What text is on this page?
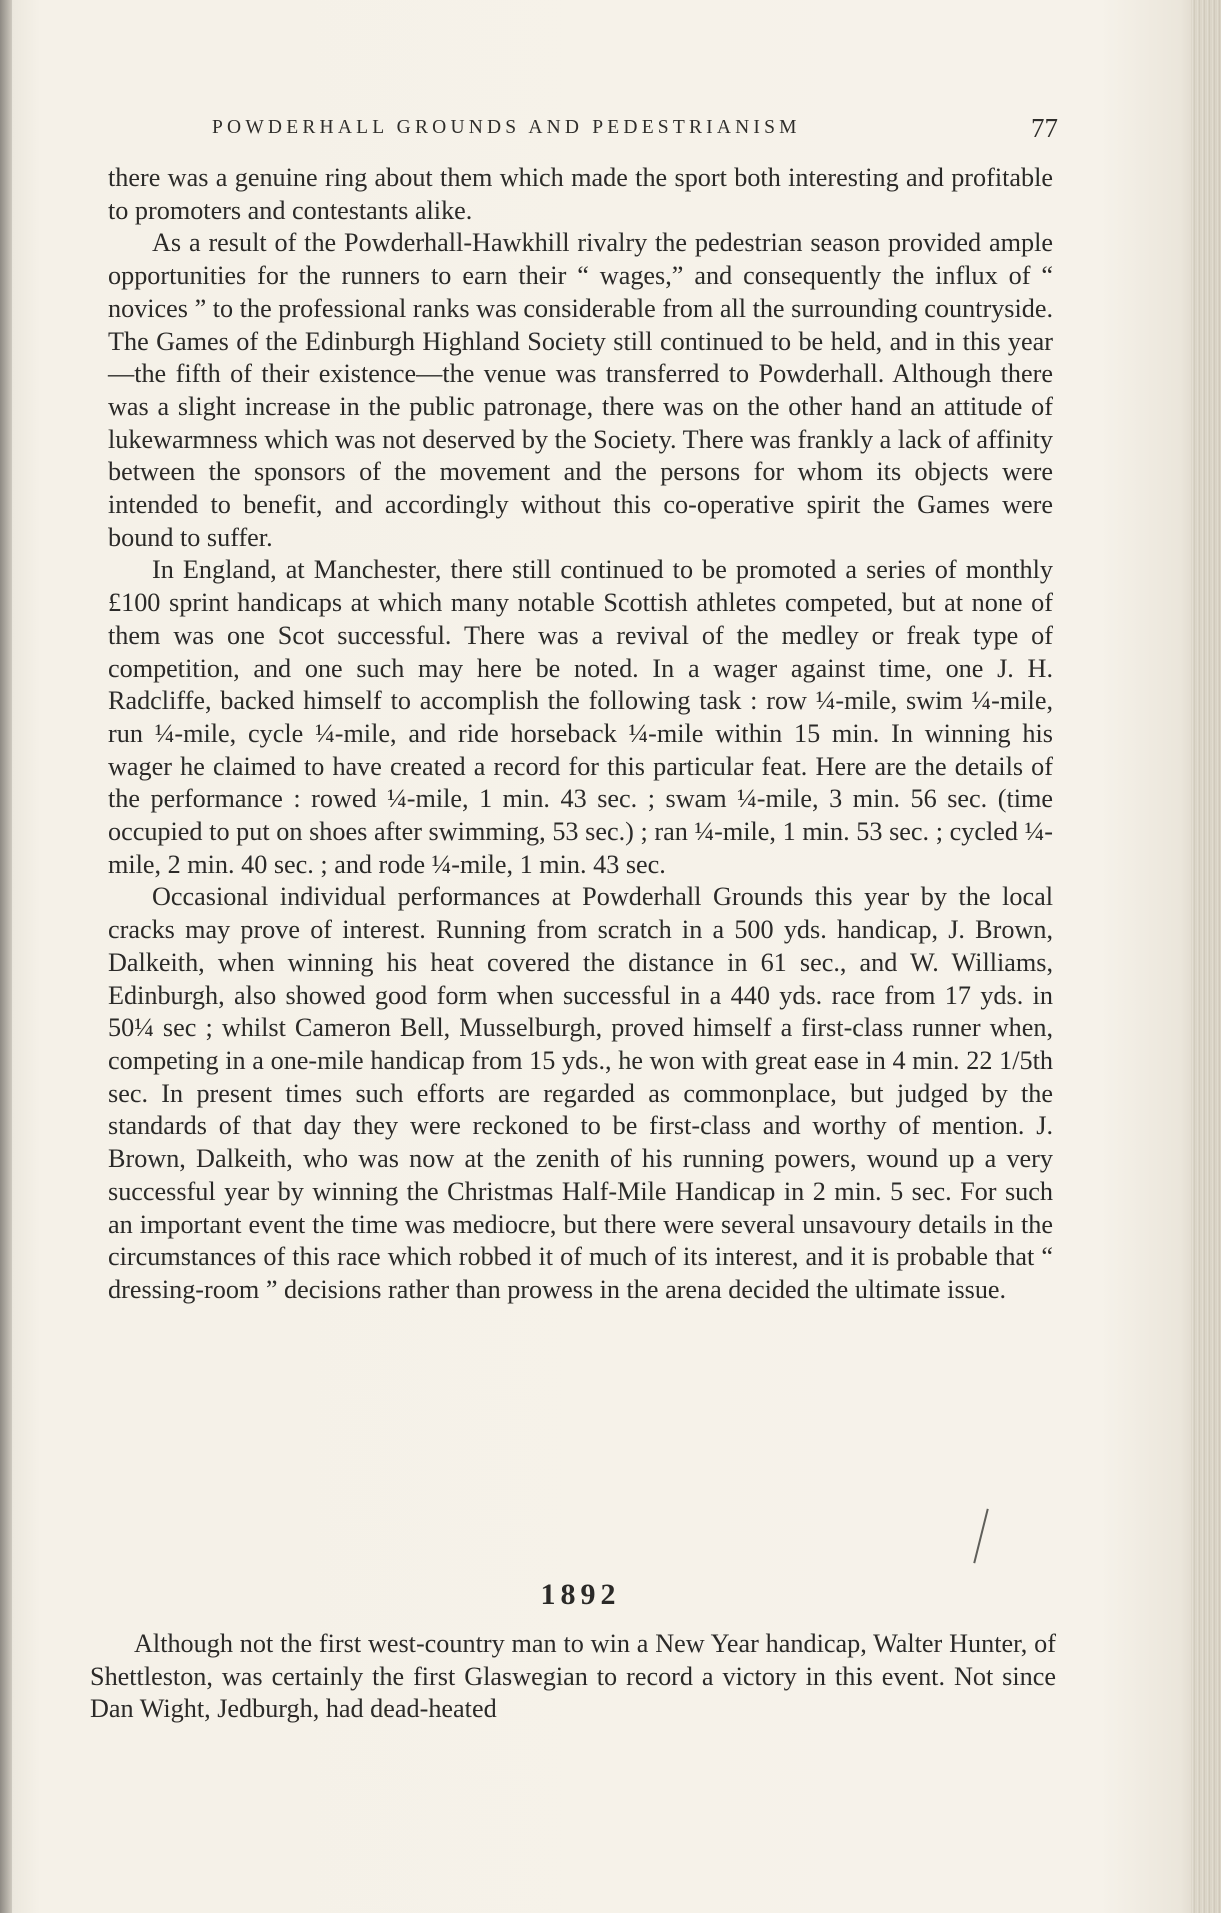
POWDERHALL GROUNDS AND PEDESTRIANISM	77

there was a genuine ring about them which made the sport both interesting and profitable to promoters and contestants alike.

As a result of the Powderhall-Hawkhill rivalry the pedestrian season provided ample opportunities for the runners to earn their “ wages,” and consequently the influx of “ novices ” to the professional ranks was considerable from all the surrounding countryside. The Games of the Edinburgh Highland Society still continued to be held, and in this year —the fifth of their existence—the venue was transferred to Powderhall. Although there was a slight increase in the public patronage, there was on the other hand an attitude of lukewarmness which was not deserved by the Society. There was frankly a lack of affinity between the sponsors of the movement and the persons for whom its objects were intended to benefit, and accordingly without this co-operative spirit the Games were bound to suffer.

In England, at Manchester, there still continued to be promoted a series of monthly £100 sprint handicaps at which many notable Scottish athletes competed, but at none of them was one Scot successful. There was a revival of the medley or freak type of competition, and one such may here be noted. In a wager against time, one J. H. Radcliffe, backed himself to accomplish the following task : row ¼-mile, swim ¼-mile, run ¼-mile, cycle ¼-mile, and ride horseback ¼-mile within 15 min. In winning his wager he claimed to have created a record for this particular feat. Here are the details of the performance : rowed ¼-mile, 1 min. 43 sec. ; swam ¼-mile, 3 min. 56 sec. (time occupied to put on shoes after swimming, 53 sec.) ; ran ¼-mile, 1 min. 53 sec. ; cycled ¼-mile, 2 min. 40 sec. ; and rode ¼-mile, 1 min. 43 sec.

Occasional individual performances at Powderhall Grounds this year by the local cracks may prove of interest. Running from scratch in a 500 yds. handicap, J. Brown, Dalkeith, when winning his heat covered the distance in 61 sec., and W. Williams, Edinburgh, also showed good form when successful in a 440 yds. race from 17 yds. in 50¼ sec ; whilst Cameron Bell, Musselburgh, proved himself a first-class runner when, competing in a one-mile handicap from 15 yds., he won with great ease in 4 min. 22 1/5th sec. In present times such efforts are regarded as commonplace, but judged by the standards of that day they were reckoned to be first-class and worthy of mention. J. Brown, Dalkeith, who was now at the zenith of his running powers, wound up a very successful year by winning the Christmas Half-Mile Handicap in 2 min. 5 sec. For such an important event the time was mediocre, but there were several unsavoury details in the circumstances of this race which robbed it of much of its interest, and it is probable that “ dressing-room ” decisions rather than prowess in the arena decided the ultimate issue.

1892

Although not the first west-country man to win a New Year handicap, Walter Hunter, of Shettleston, was certainly the first Glaswegian to record a victory in this event. Not since Dan Wight, Jedburgh, had dead-heated
